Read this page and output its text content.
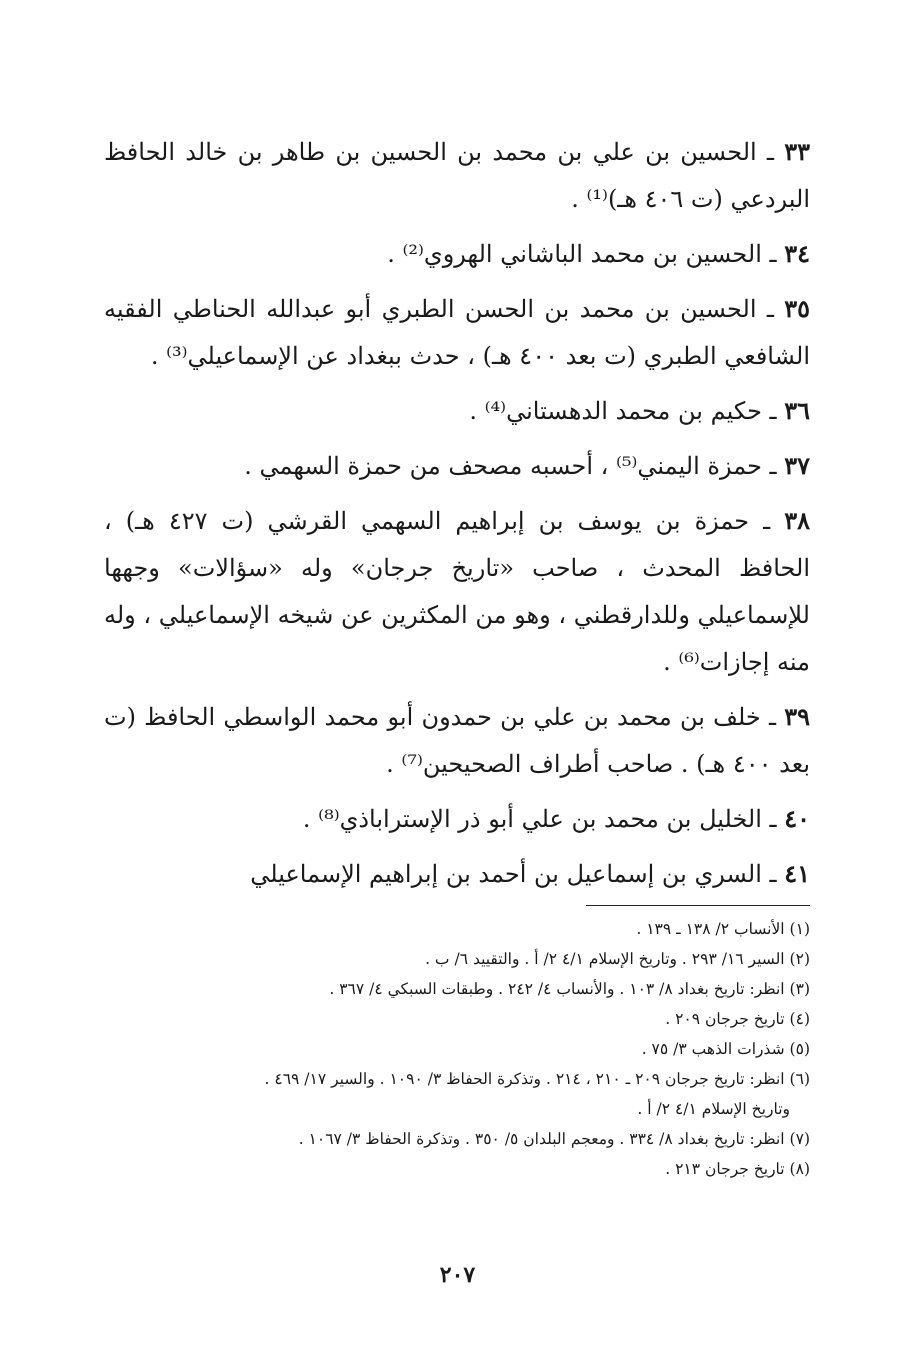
٣٣ ـ الحسين بن علي بن محمد بن الحسين بن طاهر بن خالد الحافظ البردعي (ت ٤٠٦ هـ)⁽¹⁾ .

٣٤ ـ الحسين بن محمد الباشاني الهروي⁽²⁾ .

٣٥ ـ الحسين بن محمد بن الحسن الطبري أبو عبدالله الحناطي الفقيه الشافعي الطبري (ت بعد ٤٠٠ هـ) ، حدث ببغداد عن الإسماعيلي⁽³⁾ .

٣٦ ـ حكيم بن محمد الدهستاني⁽⁴⁾ .

٣٧ ـ حمزة اليمني⁽⁵⁾ ، أحسبه مصحف من حمزة السهمي .

٣٨ ـ حمزة بن يوسف بن إبراهيم السهمي القرشي (ت ٤٢٧ هـ) ، الحافظ المحدث ، صاحب «تاريخ جرجان» وله «سؤالات» وجهها للإسماعيلي وللدارقطني ، وهو من المكثرين عن شيخه الإسماعيلي ، وله منه إجازات⁽⁶⁾ .

٣٩ ـ خلف بن محمد بن علي بن حمدون أبو محمد الواسطي الحافظ (ت بعد ٤٠٠ هـ) . صاحب أطراف الصحيحين⁽⁷⁾ .

٤٠ ـ الخليل بن محمد بن علي أبو ذر الإستراباذي⁽⁸⁾ .

٤١ ـ السري بن إسماعيل بن أحمد بن إبراهيم الإسماعيلي

(١) الأنساب ٢/ ١٣٨ ـ ١٣٩ .

(٢) السير ١٦/ ٢٩٣ . وتاريخ الإسلام ٤/١ ٢/ أ . والتقييد ٦/ ب .

(٣) انظر: تاريخ بغداد ٨/ ١٠٣ . والأنساب ٤/ ٢٤٢ . وطبقات السبكي ٤/ ٣٦٧ .

(٤) تاريخ جرجان ٢٠٩ .

(٥) شذرات الذهب ٣/ ٧٥ .

(٦) انظر: تاريخ جرجان ٢٠٩ ـ ٢١٠ ، ٢١٤ . وتذكرة الحفاظ ٣/ ١٠٩٠ . والسير ١٧/ ٤٦٩ .

وتاريخ الإسلام ٤/١ ٢/ أ .

(٧) انظر: تاريخ بغداد ٨/ ٣٣٤ . ومعجم البلدان ٥/ ٣٥٠ . وتذكرة الحفاظ ٣/ ١٠٦٧ .

(٨) تاريخ جرجان ٢١٣ .

٢٠٧
